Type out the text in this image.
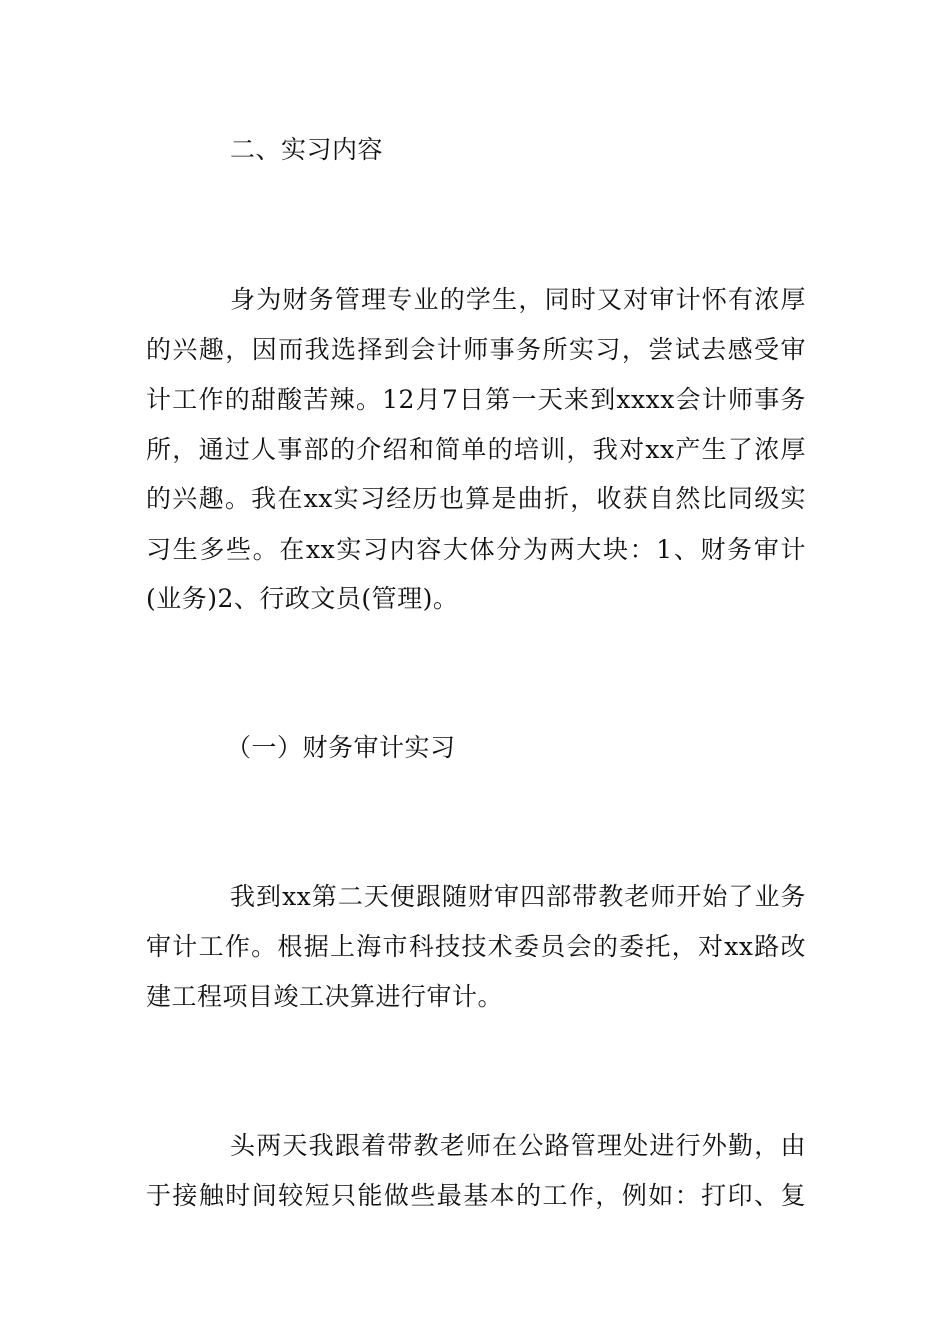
二、实习内容
身为财务管理专业的学生，同时又对审计怀有浓厚
的兴趣，因而我选择到会计师事务所实习，尝试去感受审
计工作的甜酸苦辣。12月7日第一天来到xxxx会计师事务
所，通过人事部的介绍和简单的培训，我对xx产生了浓厚
的兴趣。我在xx实习经历也算是曲折，收获自然比同级实
习生多些。在xx实习内容大体分为两大块：1、财务审计
(业务)2、行政文员(管理)。
（一）财务审计实习
我到xx第二天便跟随财审四部带教老师开始了业务
审计工作。根据上海市科技技术委员会的委托，对xx路改
建工程项目竣工决算进行审计。
头两天我跟着带教老师在公路管理处进行外勤，由
于接触时间较短只能做些最基本的工作，例如：打印、复
